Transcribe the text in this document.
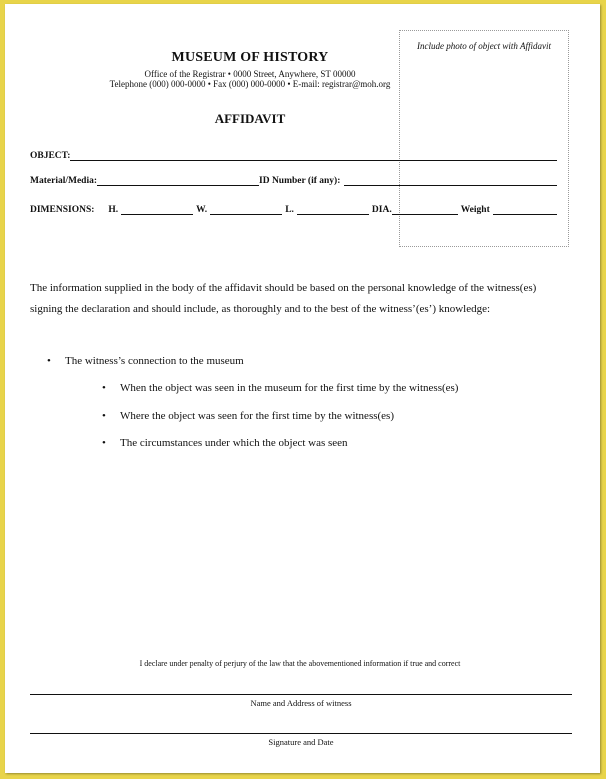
Include photo of object with Affidavit
MUSEUM OF HISTORY
Office of the Registrar • 0000 Street, Anywhere, ST 00000
Telephone (000) 000-0000 • Fax (000) 000-0000 • E-mail: registrar@moh.org
AFFIDAVIT
OBJECT:
Material/Media:	ID Number (if any):
DIMENSIONS: H.	W.	L.	DIA.	Weight
The information supplied in the body of the affidavit should be based on the personal knowledge of the witness(es) signing the declaration and should include, as thoroughly and to the best of the witness’(es’) knowledge:
•	The witness’s connection to the museum
•	When the object was seen in the museum for the first time by the witness(es)
•	Where the object was seen for the first time by the witness(es)
•	The circumstances under which the object was seen
I declare under penalty of perjury of the law that the abovementioned information if true and correct
Name and Address of witness
Signature and Date
